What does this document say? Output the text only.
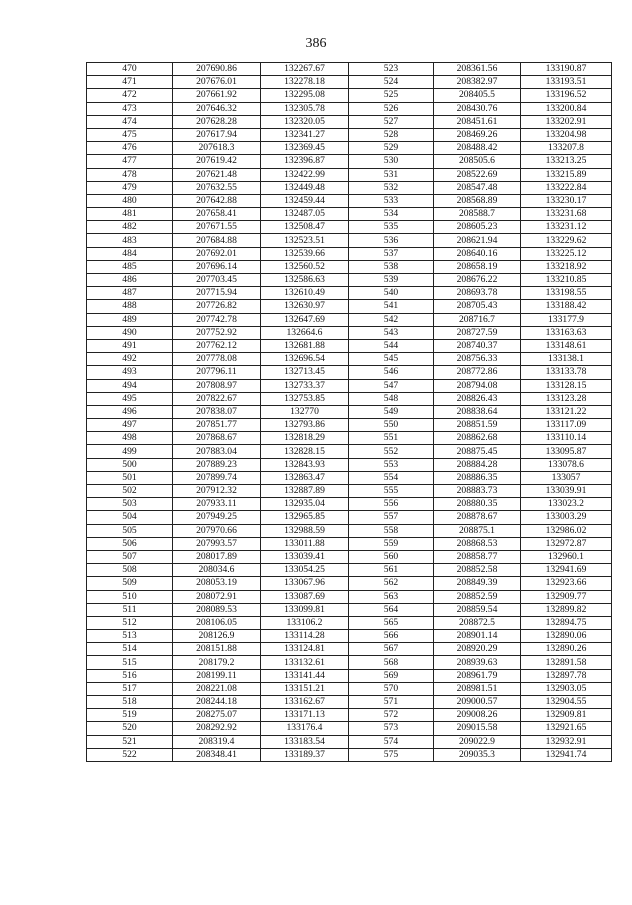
386
470	207690.86	132267.67	523	208361.56	133190.87
471	207676.01	132278.18	524	208382.97	133193.51
472	207661.92	132295.08	525	208405.5	133196.52
473	207646.32	132305.78	526	208430.76	133200.84
474	207628.28	132320.05	527	208451.61	133202.91
475	207617.94	132341.27	528	208469.26	133204.98
476	207618.3	132369.45	529	208488.42	133207.8
477	207619.42	132396.87	530	208505.6	133213.25
478	207621.48	132422.99	531	208522.69	133215.89
479	207632.55	132449.48	532	208547.48	133222.84
480	207642.88	132459.44	533	208568.89	133230.17
481	207658.41	132487.05	534	208588.7	133231.68
482	207671.55	132508.47	535	208605.23	133231.12
483	207684.88	132523.51	536	208621.94	133229.62
484	207692.01	132539.66	537	208640.16	133225.12
485	207696.14	132560.52	538	208658.19	133218.92
486	207703.45	132586.63	539	208676.22	133210.85
487	207715.94	132610.49	540	208693.78	133198.55
488	207726.82	132630.97	541	208705.43	133188.42
489	207742.78	132647.69	542	208716.7	133177.9
490	207752.92	132664.6	543	208727.59	133163.63
491	207762.12	132681.88	544	208740.37	133148.61
492	207778.08	132696.54	545	208756.33	133138.1
493	207796.11	132713.45	546	208772.86	133133.78
494	207808.97	132733.37	547	208794.08	133128.15
495	207822.67	132753.85	548	208826.43	133123.28
496	207838.07	132770	549	208838.64	133121.22
497	207851.77	132793.86	550	208851.59	133117.09
498	207868.67	132818.29	551	208862.68	133110.14
499	207883.04	132828.15	552	208875.45	133095.87
500	207889.23	132843.93	553	208884.28	133078.6
501	207899.74	132863.47	554	208886.35	133057
502	207912.32	132887.89	555	208883.73	133039.91
503	207933.11	132935.04	556	208880.35	133023.2
504	207949.25	132965.85	557	208878.67	133003.29
505	207970.66	132988.59	558	208875.1	132986.02
506	207993.57	133011.88	559	208868.53	132972.87
507	208017.89	133039.41	560	208858.77	132960.1
508	208034.6	133054.25	561	208852.58	132941.69
509	208053.19	133067.96	562	208849.39	132923.66
510	208072.91	133087.69	563	208852.59	132909.77
511	208089.53	133099.81	564	208859.54	132899.82
512	208106.05	133106.2	565	208872.5	132894.75
513	208126.9	133114.28	566	208901.14	132890.06
514	208151.88	133124.81	567	208920.29	132890.26
515	208179.2	133132.61	568	208939.63	132891.58
516	208199.11	133141.44	569	208961.79	132897.78
517	208221.08	133151.21	570	208981.51	132903.05
518	208244.18	133162.67	571	209000.57	132904.55
519	208275.07	133171.13	572	209008.26	132909.81
520	208292.92	133176.4	573	209015.58	132921.65
521	208319.4	133183.54	574	209022.9	132932.91
522	208348.41	133189.37	575	209035.3	132941.74
